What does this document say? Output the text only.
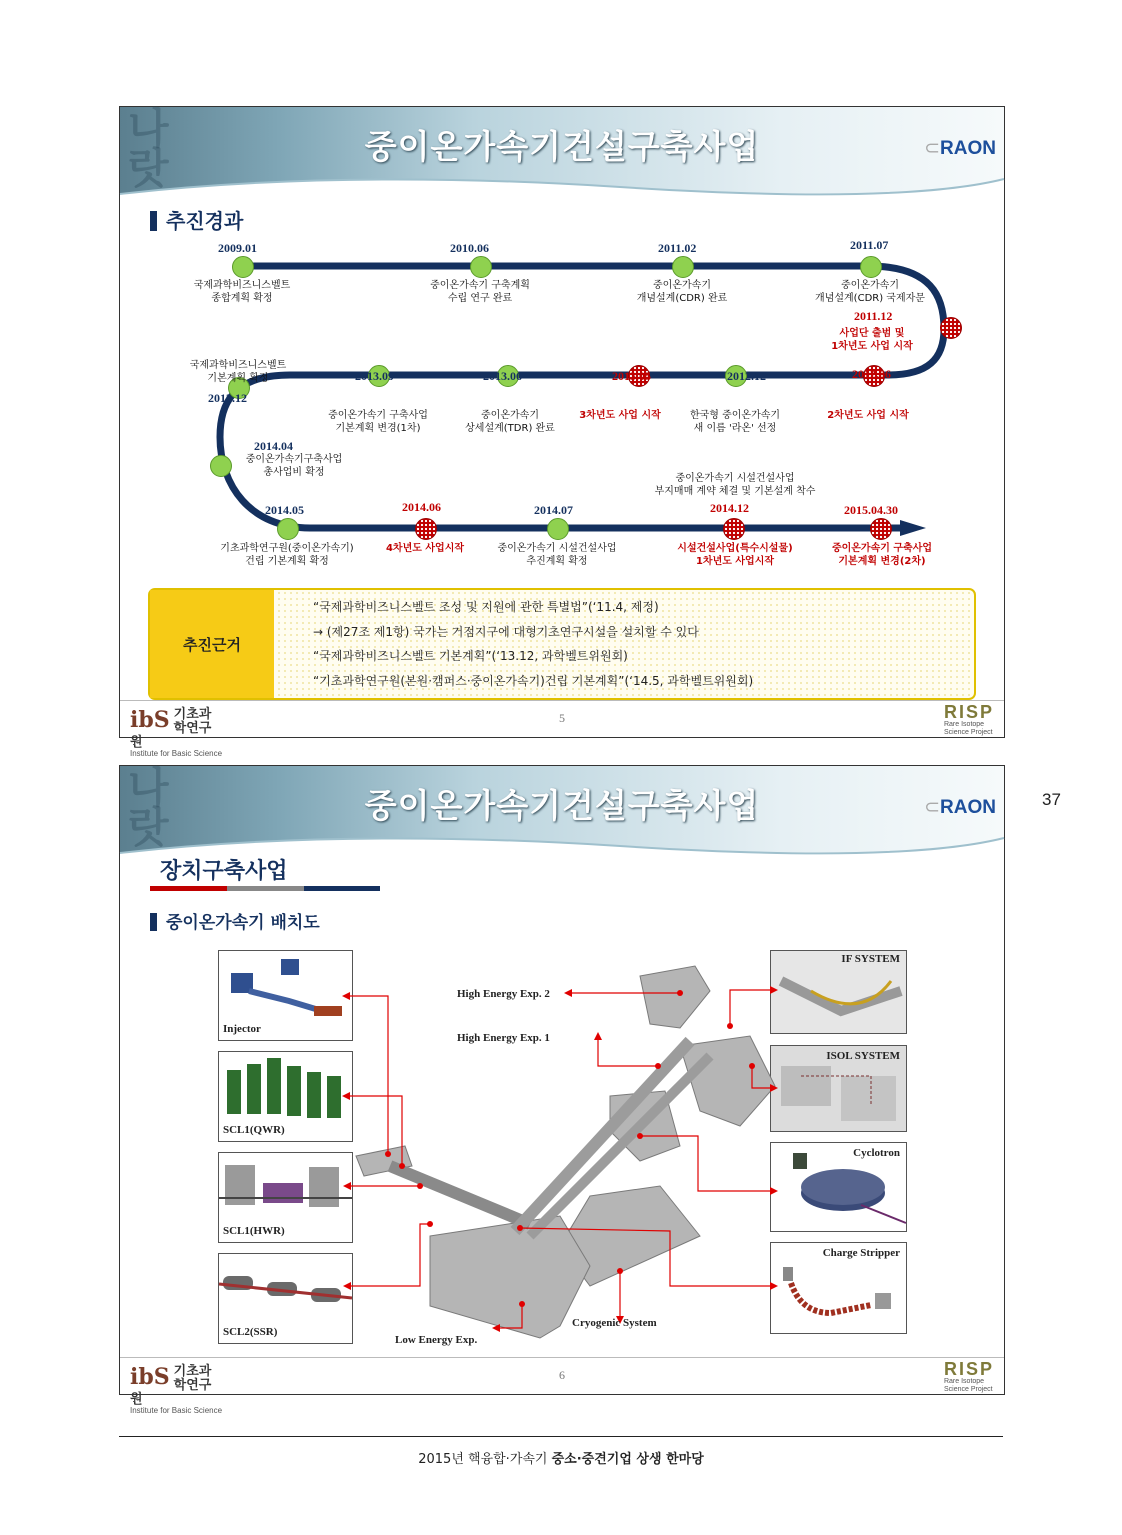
나
랏	중이온가속기건설구축사업	⊂RAON
추진경과
2009.01
국제과학비즈니스벨트
종합계획 확정
2010.06
중이온가속기 구축계획
수립 연구 완료
2011.02
중이온가속기
개념설계(CDR) 완료
2011.07
중이온가속기
개념설계(CDR) 국제자문
2011.12
사업단 출범 및
1차년도 사업 시작
2012.06
2차년도 사업 시작
2012.12
한국형 중이온가속기
새 이름 '라온' 선정
2013.05
3차년도 사업 시작
2013.06
중이온가속기
상세설계(TDR) 완료
2013.09
중이온가속기 구축사업
기본계획 변경(1차)
2013.12
국제과학비즈니스벨트
기본계획 확정
2014.04
중이온가속기구축사업
총사업비 확정
2014.05
기초과학연구원(중이온가속기)
건립 기본계획 확정
2014.06
4차년도 사업시작
2014.07
중이온가속기 시설건설사업
추진계획 확정
2014.12
시설건설사업(특수시설물)
1차년도 사업시작
중이온가속기 시설건설사업
부지매매 계약 체결 및 기본설계 착수
2015.04.30
중이온가속기 구축사업
기본계획 변경(2차)
추진근거
“국제과학비즈니스벨트 조성 및 지원에 관한 특별법”(‘11.4, 제정)
→ (제27조 제1항) 국가는 거점지구에 대형기초연구시설을 설치할 수 있다
“국제과학비즈니스벨트 기본계획”(‘13.12, 과학벨트위원회)
“기초과학연구원(본원·캠퍼스·중이온가속기)건립 기본계획”(‘14.5, 과학벨트위원회)
ibS 기초과학연구원
Institute for Basic Science
5	RISP
Rare Isotope
Science Project
나
랏	중이온가속기건설구축사업	⊂RAON
장치구축사업
중이온가속기 배치도
Injector
SCL1(QWR)
SCL1(HWR)
SCL2(SSR)
IF SYSTEM
ISOL SYSTEM
Cyclotron
Charge Stripper
High Energy Exp. 2
High Energy Exp. 1
Low Energy Exp.
Cryogenic System
ibS 기초과학연구원
Institute for Basic Science
6	RISP
Rare Isotope
Science Project
37
2015년 핵융합·가속기 중소·중견기업 상생 한마당
